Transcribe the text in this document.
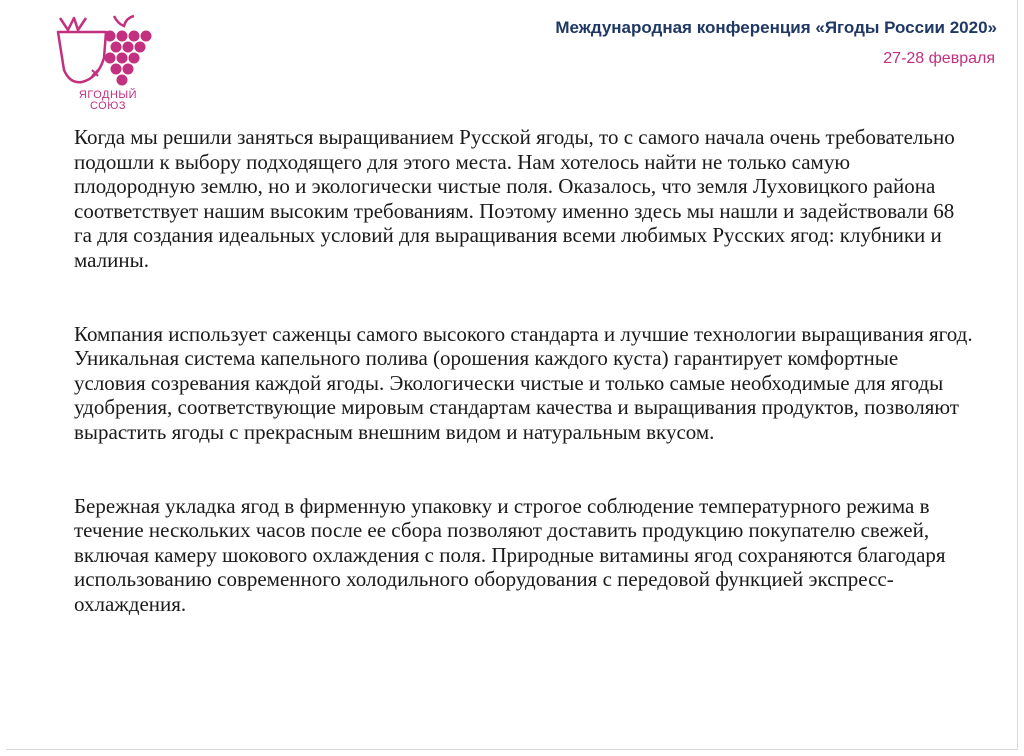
ЯГОДНЫЙ
СОЮЗ
Международная конференция «Ягоды России 2020»
27-28 февраля

Когда мы решили заняться выращиванием Русской ягоды, то с самого начала очень требовательно подошли к выбору подходящего для этого места. Нам хотелось найти не только самую плодородную землю, но и экологически чистые поля. Оказалось, что земля Луховицкого района соответствует нашим высоким требованиям. Поэтому именно здесь мы нашли и задействовали 68 га для создания идеальных условий для выращивания всеми любимых Русских ягод: клубники и малины.

Компания использует саженцы самого высокого стандарта и лучшие технологии выращивания ягод. Уникальная система капельного полива (орошения каждого куста) гарантирует комфортные условия созревания каждой ягоды. Экологически чистые и только самые необходимые для ягоды удобрения, соответствующие мировым стандартам качества и выращивания продуктов, позволяют вырастить ягоды с прекрасным внешним видом и натуральным вкусом.

Бережная укладка ягод в фирменную упаковку и строгое соблюдение температурного режима в течение нескольких часов после ее сбора позволяют доставить продукцию покупателю свежей, включая камеру шокового охлаждения с поля. Природные витамины ягод сохраняются благодаря использованию современного холодильного оборудования с передовой функцией экспресс-охлаждения.
